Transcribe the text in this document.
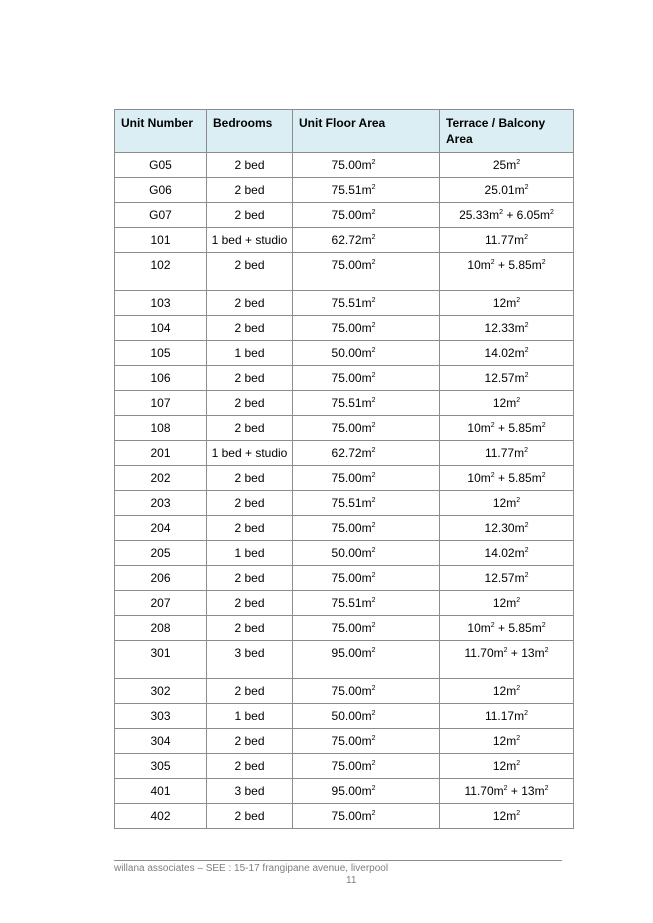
Unit Number	Bedrooms	Unit Floor Area	Terrace / Balcony Area
G05	2 bed	$75.00m^2$	$25m^2$
G06	2 bed	$75.51m^2$	$25.01m^2$
G07	2 bed	$75.00m^2$	$25.33m^2 + 6.05m^2$
101	1 bed + studio	$62.72m^2$	$11.77m^2$
102	2 bed	$75.00m^2$	$10m^2 + 5.85m^2$
103	2 bed	$75.51m^2$	$12m^2$
104	2 bed	$75.00m^2$	$12.33m^2$
105	1 bed	$50.00m^2$	$14.02m^2$
106	2 bed	$75.00m^2$	$12.57m^2$
107	2 bed	$75.51m^2$	$12m^2$
108	2 bed	$75.00m^2$	$10m^2 + 5.85m^2$
201	1 bed + studio	$62.72m^2$	$11.77m^2$
202	2 bed	$75.00m^2$	$10m^2 + 5.85m^2$
203	2 bed	$75.51m^2$	$12m^2$
204	2 bed	$75.00m^2$	$12.30m^2$
205	1 bed	$50.00m^2$	$14.02m^2$
206	2 bed	$75.00m^2$	$12.57m^2$
207	2 bed	$75.51m^2$	$12m^2$
208	2 bed	$75.00m^2$	$10m^2 + 5.85m^2$
301	3 bed	$95.00m^2$	$11.70m^2 + 13m^2$
302	2 bed	$75.00m^2$	$12m^2$
303	1 bed	$50.00m^2$	$11.17m^2$
304	2 bed	$75.00m^2$	$12m^2$
305	2 bed	$75.00m^2$	$12m^2$
401	3 bed	$95.00m^2$	$11.70m^2 + 13m^2$
402	2 bed	$75.00m^2$	$12m^2$
willana associates – SEE : 15-17 frangipane avenue, liverpool
11
